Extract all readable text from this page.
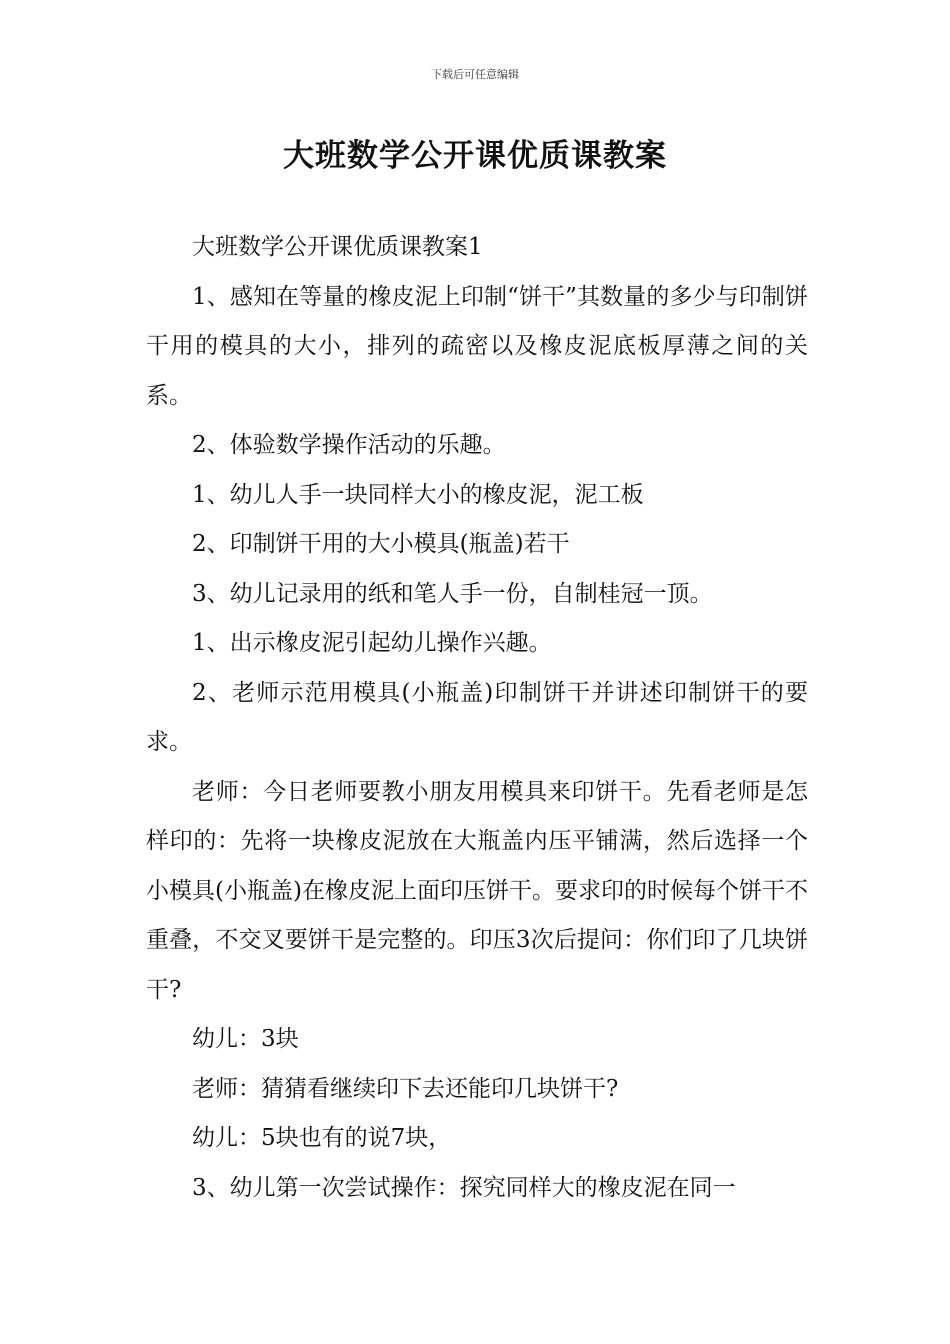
下载后可任意编辑
大班数学公开课优质课教案

大班数学公开课优质课教案1

1、感知在等量的橡皮泥上印制“饼干”其数量的多少与印制饼干用的模具的大小，排列的疏密以及橡皮泥底板厚薄之间的关系。

2、体验数学操作活动的乐趣。

1、幼儿人手一块同样大小的橡皮泥，泥工板

2、印制饼干用的大小模具(瓶盖)若干

3、幼儿记录用的纸和笔人手一份，自制桂冠一顶。

1、出示橡皮泥引起幼儿操作兴趣。

2、老师示范用模具(小瓶盖)印制饼干并讲述印制饼干的要求。

老师：今日老师要教小朋友用模具来印饼干。先看老师是怎样印的：先将一块橡皮泥放在大瓶盖内压平铺满，然后选择一个小模具(小瓶盖)在橡皮泥上面印压饼干。要求印的时候每个饼干不重叠，不交叉要饼干是完整的。印压3次后提问：你们印了几块饼干?

幼儿：3块

老师：猜猜看继续印下去还能印几块饼干?

幼儿：5块也有的说7块，

3、幼儿第一次尝试操作：探究同样大的橡皮泥在同一
